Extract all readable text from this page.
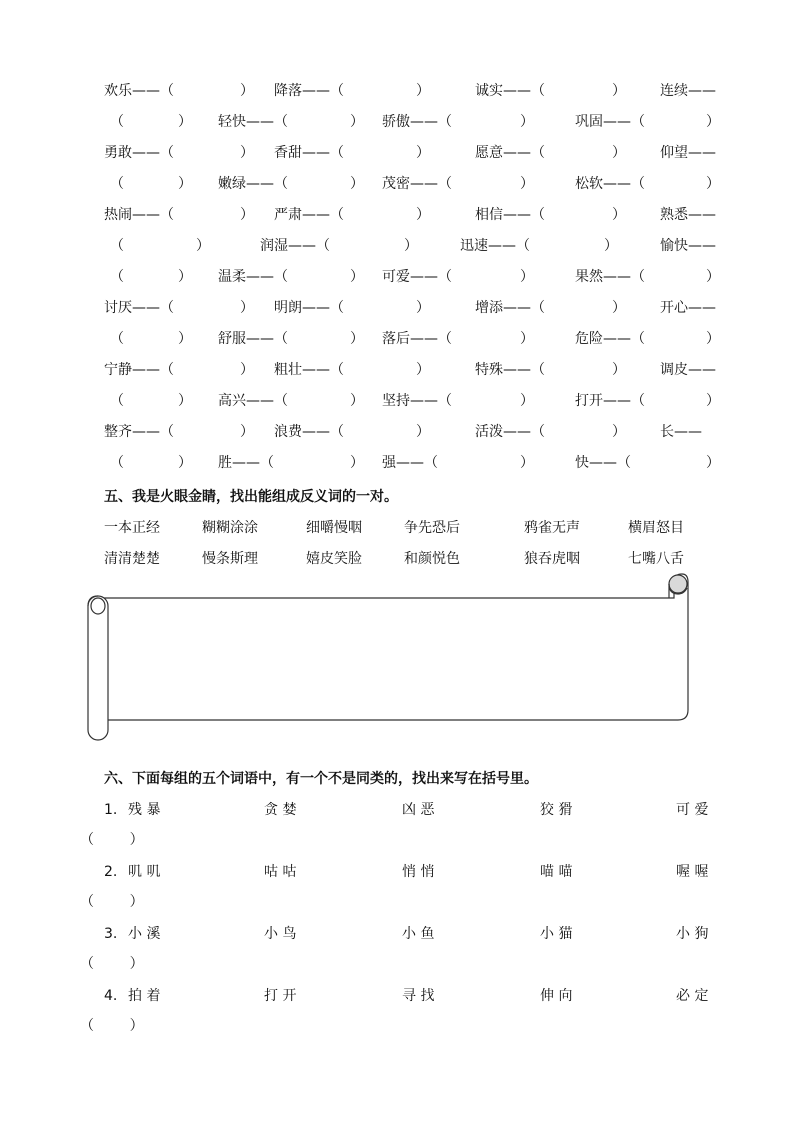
欢乐——（	） 降落——（	）	诚实——（	） 连续——
（	） 轻快——（	） 骄傲——（	）	巩固——（	）
勇敢——（	） 香甜——（	）	愿意——（	） 仰望——
（	） 嫩绿——（	） 茂密——（	）	松软——（	）
热闹——（	） 严肃——（	）	相信——（	） 熟悉——
（	）	润湿——（	）	迅速——（	）	愉快——
（	） 温柔——（	） 可爱——（	）	果然——（	）
讨厌——（	） 明朗——（	）	增添——（	） 开心——
（	） 舒服——（	） 落后——（	）	危险——（	）
宁静——（	） 粗壮——（	）	特殊——（	） 调皮——
（	） 高兴——（	） 坚持——（	）	打开——（	）
整齐——（	） 浪费——（	）	活泼——（	） 长——
（	） 胜——（	） 强——（	）	快——（	）
五、我是火眼金睛，找出能组成反义词的一对。
一本正经	糊糊涂涂	细嚼慢咽	争先恐后	鸦雀无声	横眉怒目
清清楚楚	慢条斯理	嬉皮笑脸	和颜悦色	狼吞虎咽	七嘴八舌
六、下面每组的五个词语中，有一个不是同类的，找出来写在括号里。
1. 残 暴	贪 婪	凶 恶	狡 猾	可 爱
（        ）
2. 叽 叽	咕 咕	悄 悄	喵 喵	喔 喔
（        ）
3. 小 溪	小 鸟	小 鱼	小 猫	小 狗
（        ）
4. 拍 着	打 开	寻 找	伸 向	必 定
（        ）
